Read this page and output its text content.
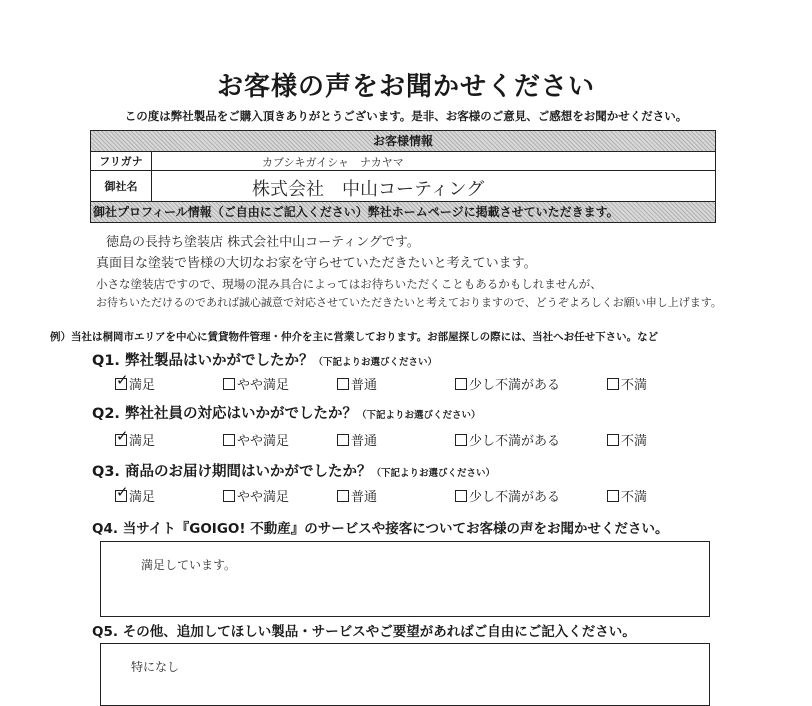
お客様の声をお聞かせください
この度は弊社製品をご購入頂きありがとうございます。是非、お客様のご意見、ご感想をお聞かせください。
お客様情報
フリガナ	カブシキガイシャ　ナカヤマ
御社名	株式会社　中山コーティング
御社プロフィール情報（ご自由にご記入ください）弊社ホームページに掲載させていただきます。
徳島の長持ち塗装店 株式会社中山コーティングです。
真面目な塗装で皆様の大切なお家を守らせていただきたいと考えています。
小さな塗装店ですので、現場の混み具合によってはお待ちいただくこともあるかもしれませんが、
お待ちいただけるのであれば誠心誠意で対応させていただきたいと考えておりますので、どうぞよろしくお願い申し上げます。
例）当社は桐岡市エリアを中心に賃貸物件管理・仲介を主に営業しております。お部屋探しの際には、当社へお任せ下さい。など
Q1. 弊社製品はいかがでしたか？（下記よりお選びください）
✓ 満足	やや満足	普通	少し不満がある	不満
Q2. 弊社社員の対応はいかがでしたか？（下記よりお選びください）
✓ 満足	やや満足	普通	少し不満がある	不満
Q3. 商品のお届け期間はいかがでしたか？（下記よりお選びください）
✓ 満足	やや満足	普通	少し不満がある	不満
Q4. 当サイト『GOIGO! 不動産』のサービスや接客についてお客様の声をお聞かせください。
満足しています。
Q5. その他、追加してほしい製品・サービスやご要望があればご自由にご記入ください。
特になし
